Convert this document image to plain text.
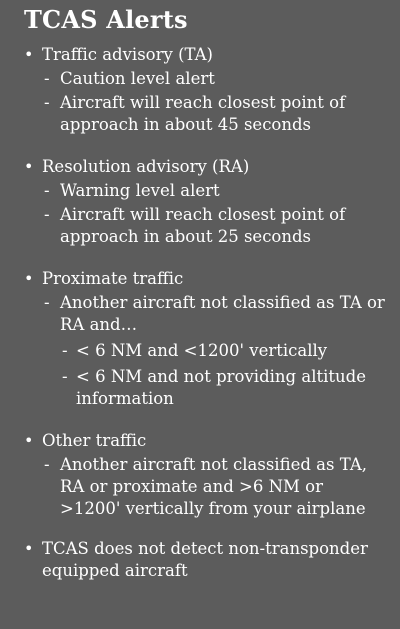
TCAS Alerts
• Traffic advisory (TA)
- Caution level alert
- Aircraft will reach closest point of approach in about 45 seconds
• Resolution advisory (RA)
- Warning level alert
- Aircraft will reach closest point of approach in about 25 seconds
• Proximate traffic
- Another aircraft not classified as TA or RA and…
- < 6 NM and <1200' vertically
- < 6 NM and not providing altitude information
• Other traffic
- Another aircraft not classified as TA, RA or proximate and >6 NM or >1200' vertically from your airplane
• TCAS does not detect non-transponder equipped aircraft
